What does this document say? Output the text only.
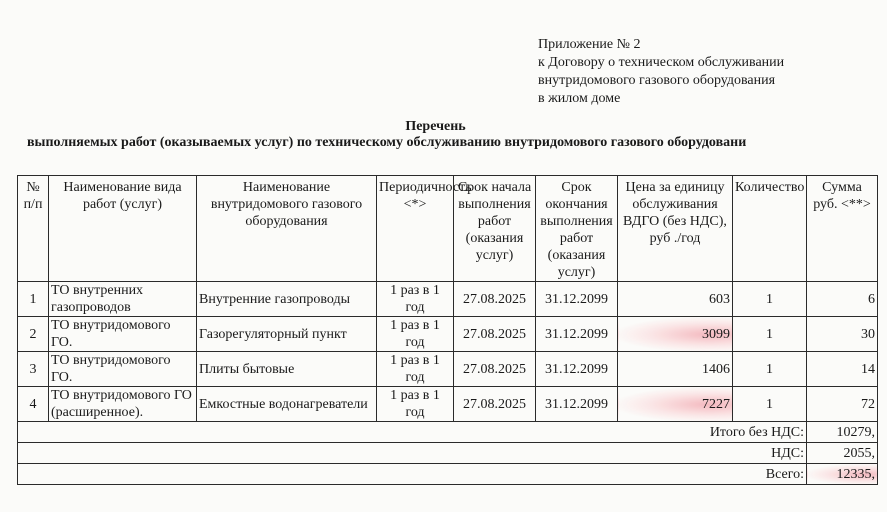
Приложение № 2
к Договору о техническом обслуживании
внутридомового газового оборудования
в жилом доме
Перечень
выполняемых работ (оказываемых услуг) по техническому обслуживанию внутридомового газового оборудовани
№ п/п	Наименование вида работ (услуг)	Наименование внутридомового газового оборудования	Периодичность <*>	Срок начала выполнения работ (оказания услуг)	Срок окончания выполнения работ (оказания услуг)	Цена за единицу обслуживания ВДГО (без НДС), руб ./год	Количество	Сумма руб. <**>
1	ТО внутренних газопроводов	Внутренние газопроводы	1 раз в 1 год	27.08.2025	31.12.2099	603	1	6
2	ТО внутридомового ГО.	Газорегуляторный пункт	1 раз в 1 год	27.08.2025	31.12.2099	3099	1	30
3	ТО внутридомового ГО.	Плиты бытовые	1 раз в 1 год	27.08.2025	31.12.2099	1406	1	14
4	ТО внутридомового ГО (расширенное).	Емкостные водонагреватели	1 раз в 1 год	27.08.2025	31.12.2099	7227	1	72
Итого без НДС:								10279,
НДС:								2055,
Всего:								12335,
